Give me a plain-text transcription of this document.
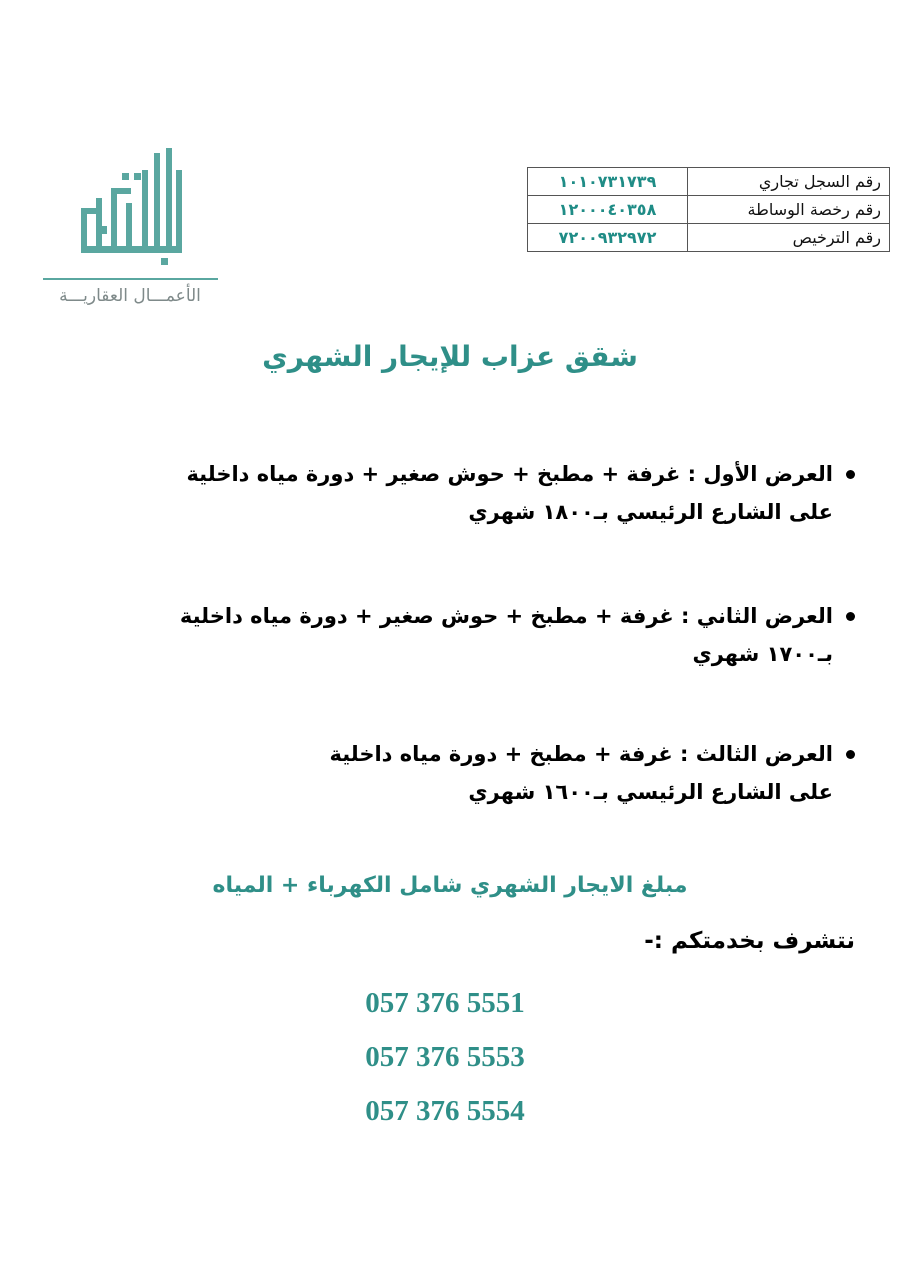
الأعمـــال العقاريـــة
رقم السجل تجاري	١٠١٠٧٣١٧٣٩
رقم رخصة الوساطة	١٢٠٠٠٤٠٣٥٨
رقم الترخيص	٧٢٠٠٩٣٢٩٧٢
شقق عزاب للإيجار الشهري
العرض الأول : غرفة + مطبخ + حوش صغير + دورة مياه داخلية
على الشارع الرئيسي بـ١٨٠٠ شهري
العرض الثاني : غرفة + مطبخ + حوش صغير + دورة مياه داخلية
بـ١٧٠٠ شهري
العرض الثالث : غرفة + مطبخ + دورة مياه داخلية
على الشارع الرئيسي بـ١٦٠٠ شهري
مبلغ الايجار الشهري شامل الكهرباء + المياه
نتشرف بخدمتكم :-
057 376 5551
057 376 5553
057 376 5554
